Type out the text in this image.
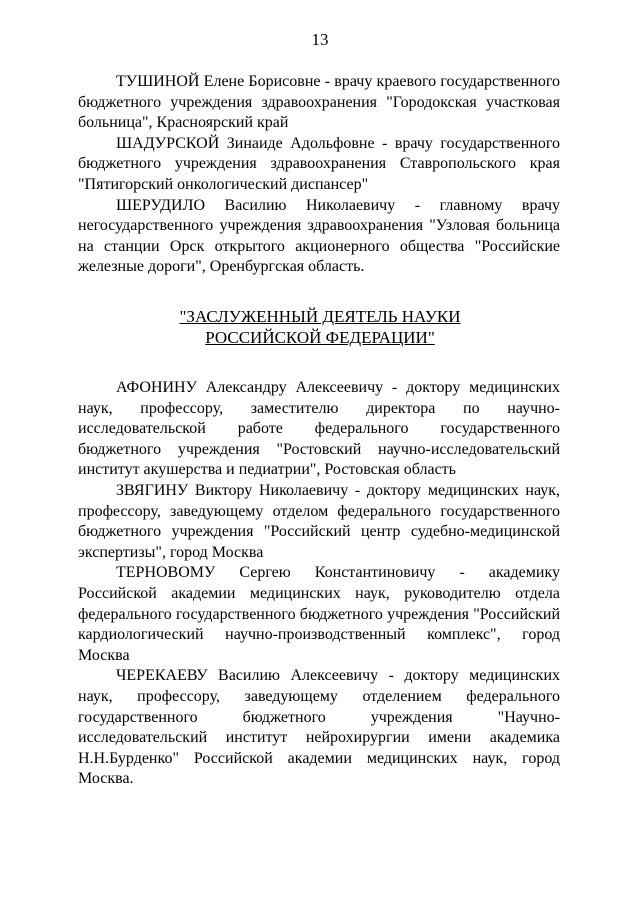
13

ТУШИНОЙ Елене Борисовне - врачу краевого государственного бюджетного учреждения здравоохранения "Городокская участковая больница", Красноярский край

ШАДУРСКОЙ Зинаиде Адольфовне - врачу государственного бюджетного учреждения здравоохранения Ставропольского края "Пятигорский онкологический диспансер"

ШЕРУДИЛО Василию Николаевичу - главному врачу негосударственного учреждения здравоохранения "Узловая больница на станции Орск открытого акционерного общества "Российские железные дороги", Оренбургская область.

"ЗАСЛУЖЕННЫЙ ДЕЯТЕЛЬ НАУКИ
РОССИЙСКОЙ ФЕДЕРАЦИИ"

АФОНИНУ Александру Алексеевичу - доктору медицинских наук, профессору, заместителю директора по научно-исследовательской работе федерального государственного бюджетного учреждения "Ростовский научно-исследовательский институт акушерства и педиатрии", Ростовская область

ЗВЯГИНУ Виктору Николаевичу - доктору медицинских наук, профессору, заведующему отделом федерального государственного бюджетного учреждения "Российский центр судебно-медицинской экспертизы", город Москва

ТЕРНОВОМУ Сергею Константиновичу - академику Российской академии медицинских наук, руководителю отдела федерального государственного бюджетного учреждения "Российский кардиологический научно-производственный комплекс", город Москва

ЧЕРЕКАЕВУ Василию Алексеевичу - доктору медицинских наук, профессору, заведующему отделением федерального государственного бюджетного учреждения "Научно-исследовательский институт нейрохирургии имени академика Н.Н.Бурденко" Российской академии медицинских наук, город Москва.
